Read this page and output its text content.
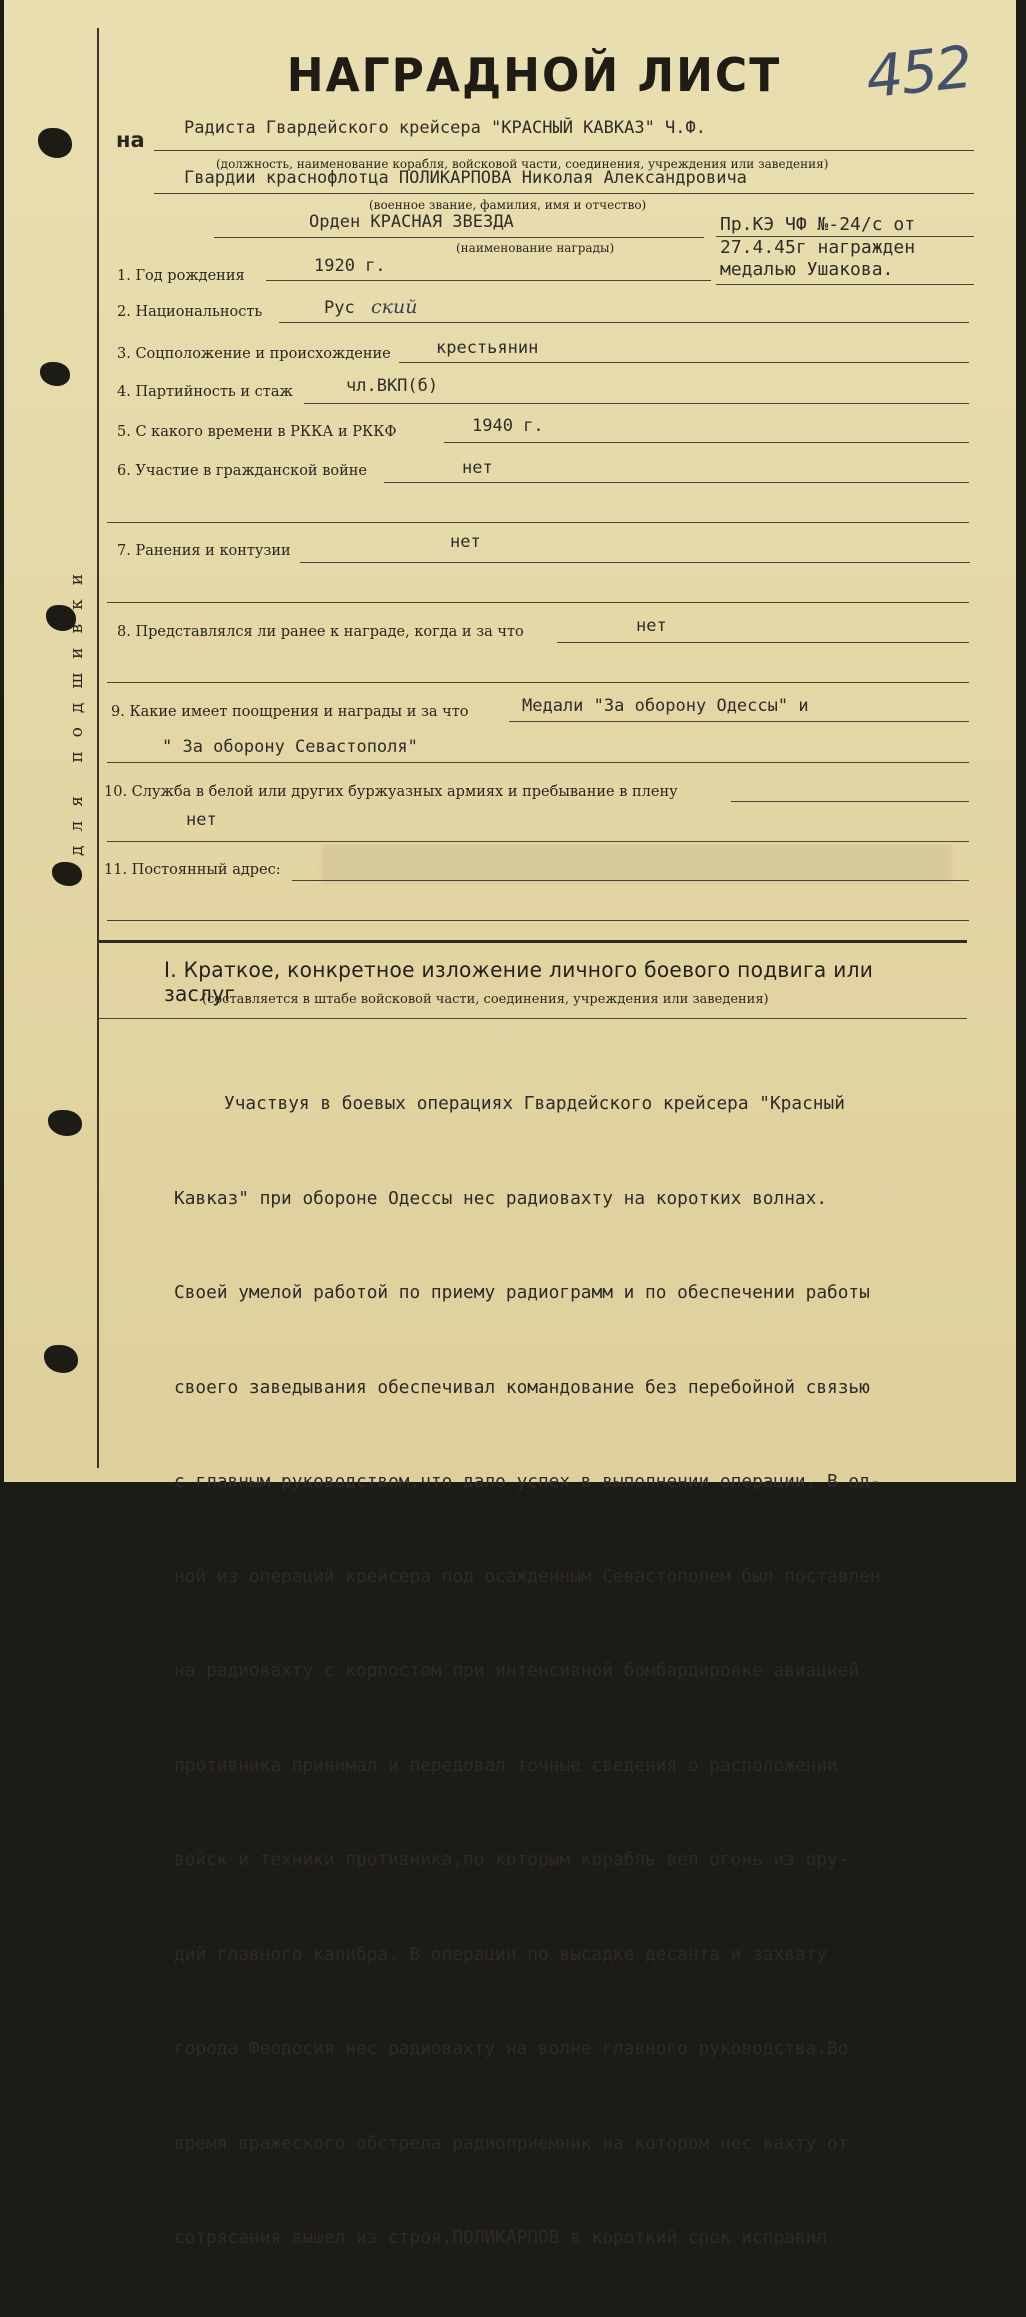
для подшивки
452
НАГРАДНОЙ ЛИСТ
на Радиста Гвардейского крейсера "КРАСНЫЙ КАВКАЗ" Ч.Ф.
(должность, наименование корабля, войсковой части, соединения, учреждения или заведения)
Гвардии краснофлотца ПОЛИКАРПОВА Николая Александровича
(военное звание, фамилия, имя и отчество)
Орден КРАСНАЯ ЗВЕЗДА
(наименование награды)
Пр.КЭ ЧФ №-24/с от
27.4.45г награжден
медалью Ушакова.
1. Год рождения	1920 г.
2. Национальность	Рус ский
3. Соцположение и происхождение	крестьянин
4. Партийность и стаж	чл.ВКП(б)
5. С какого времени в РККА и РККФ	1940 г.
6. Участие в гражданской войне	нет
7. Ранения и контузии	нет
8. Представлялся ли ранее к награде, когда и за что	нет
9. Какие имеет поощрения и награды и за что	Медали "За оборону Одессы" и
" За оборону Севастополя"
10. Служба в белой или других буржуазных армиях и пребывание в плену
нет
11. Постоянный адрес:
I. Краткое, конкретное изложение личного боевого подвига или заслуг
(составляется в штабе войсковой части, соединения, учреждения или заведения)

Участвуя в боевых операциях Гвардейского крейсера "Красный

Кавказ" при обороне Одессы нес радиовахту на коротких волнах.

Своей умелой работой по приему радиограмм и по обеспечении работы

своего заведывания обеспечивал командование без перебойной связью

с главным руководством,что дало успех в выполнении операции. В од-

ной из операций крейсера под осажденным Севастополем был поставлен

на радиовахту с корпостом при интенсивной бомбардировке авиацией

противника принимал и передовал точные сведения о расположении

войск и техники противника,по которым корабль вел огонь из ору-

дий главного калибра. В операции по высадке десанта и захвату

города Феодосия нес радиовахту на волне главного руководства.Во

время вражеского обстрела радиоприемник на котором нес вахту от

сотрясания вышел из строя,ПОЛИКАРПОВ в короткий срок исправил
